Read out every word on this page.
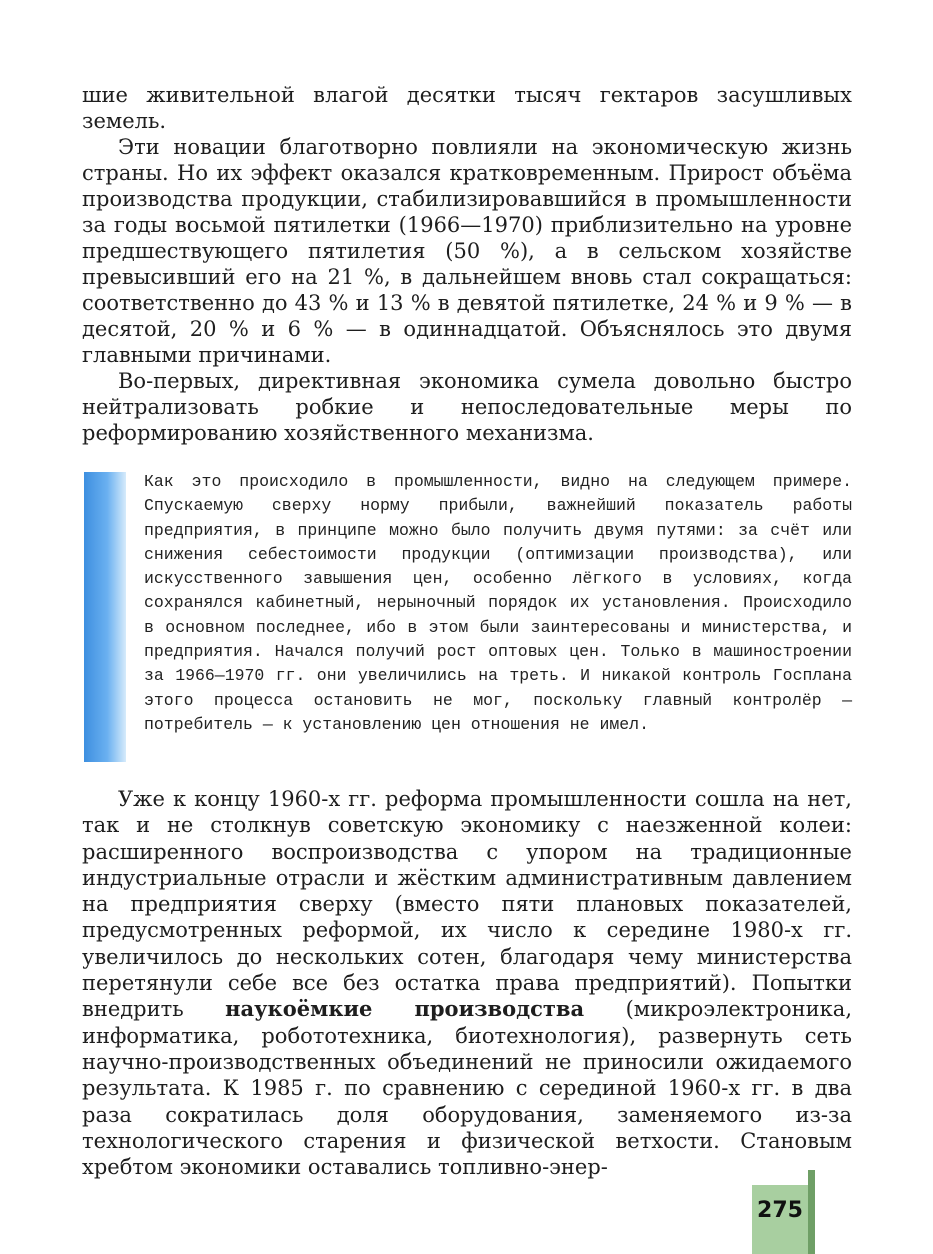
шие живительной влагой десятки тысяч гектаров засушливых земель.

Эти новации благотворно повлияли на экономическую жизнь страны. Но их эффект оказался кратковременным. Прирост объёма производства продукции, стабилизировавшийся в промышленности за годы восьмой пятилетки (1966—1970) приблизительно на уровне предшествующего пятилетия (50 %), а в сельском хозяйстве превысивший его на 21 %, в дальнейшем вновь стал сокращаться: соответственно до 43 % и 13 % в девятой пятилетке, 24 % и 9 % — в десятой, 20 % и 6 % — в одиннадцатой. Объяснялось это двумя главными причинами.

Во-первых, директивная экономика сумела довольно быстро нейтрализовать робкие и непоследовательные меры по реформированию хозяйственного механизма.

Как это происходило в промышленности, видно на следующем примере. Спускаемую сверху норму прибыли, важнейший показатель работы предприятия, в принципе можно было получить двумя путями: за счёт или снижения себестоимости продукции (оптимизации производства), или искусственного завышения цен, особенно лёгкого в условиях, когда сохранялся кабинетный, нерыночный порядок их установления. Происходило в основном последнее, ибо в этом были заинтересованы и министерства, и предприятия. Начался получий рост оптовых цен. Только в машиностроении за 1966—1970 гг. они увеличились на треть. И никакой контроль Госплана этого процесса остановить не мог, поскольку главный контролёр — потребитель — к установлению цен отношения не имел.

Уже к концу 1960-х гг. реформа промышленности сошла на нет, так и не столкнув советскую экономику с наезженной колеи: расширенного воспроизводства с упором на традиционные индустриальные отрасли и жёстким административным давлением на предприятия сверху (вместо пяти плановых показателей, предусмотренных реформой, их число к середине 1980-х гг. увеличилось до нескольких сотен, благодаря чему министерства перетянули себе все без остатка права предприятий). Попытки внедрить наукоёмкие производства (микроэлектроника, информатика, робототехника, биотехнология), развернуть сеть научно-производственных объединений не приносили ожидаемого результата. К 1985 г. по сравнению с серединой 1960-х гг. в два раза сократилась доля оборудования, заменяемого из-за технологического старения и физической ветхости. Становым хребтом экономики оставались топливно-энер-

275
